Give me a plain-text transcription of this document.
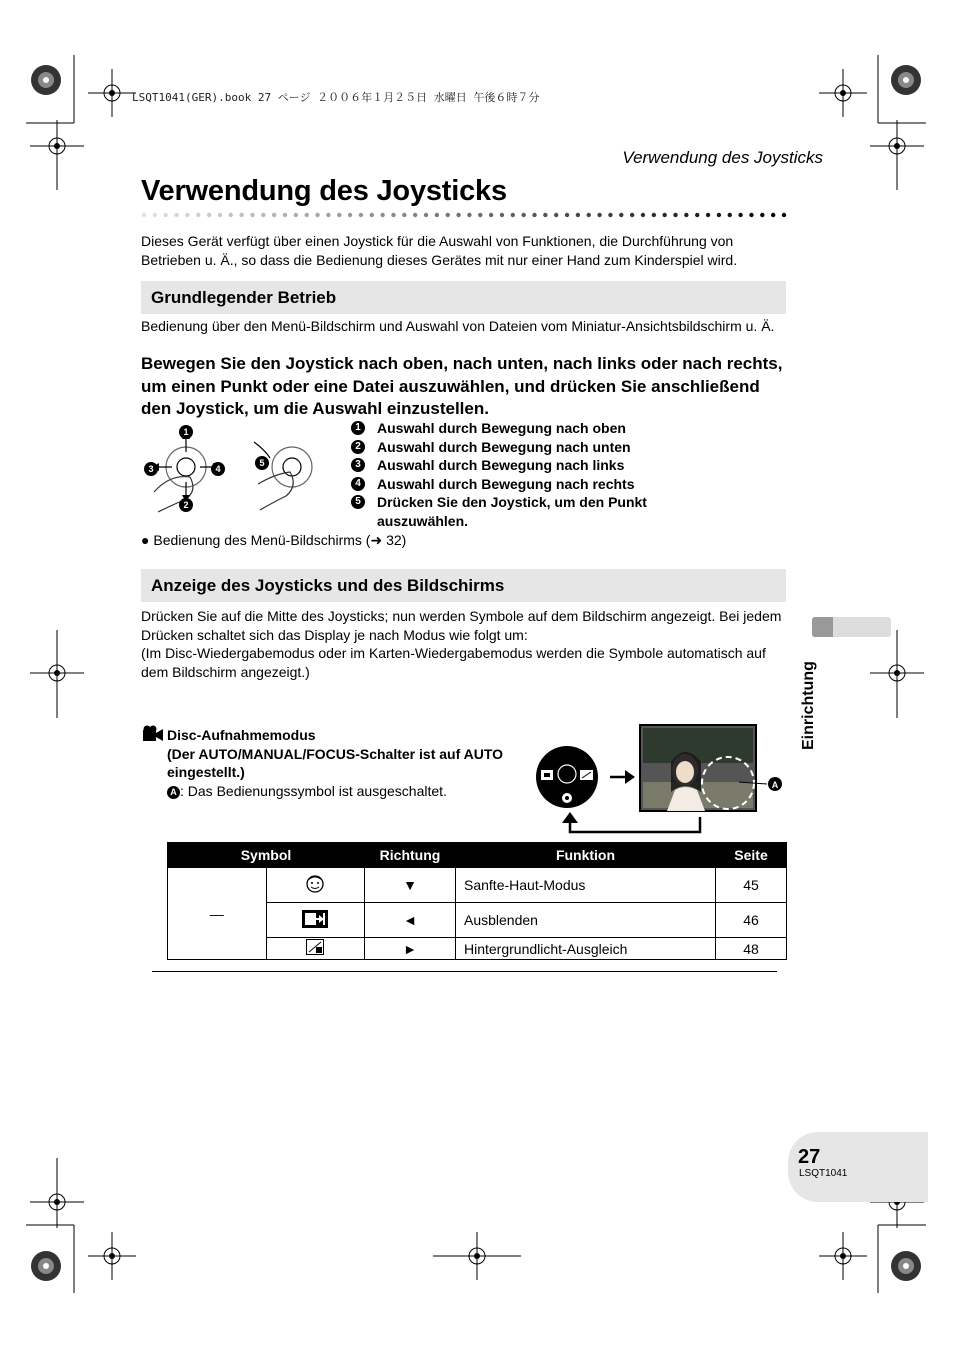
LSQT1041(GER).book 27 ページ ２００６年１月２５日 水曜日 午後６時７分
Verwendung des Joysticks
Verwendung des Joysticks
Dieses Gerät verfügt über einen Joystick für die Auswahl von Funktionen, die Durchführung von Betrieben u. Ä., so dass die Bedienung dieses Gerätes mit nur einer Hand zum Kinderspiel wird.
Grundlegender Betrieb
Bedienung über den Menü-Bildschirm und Auswahl von Dateien vom Miniatur-Ansichtsbildschirm u. Ä.
Bewegen Sie den Joystick nach oben, nach unten, nach links oder nach rechts, um einen Punkt oder eine Datei auszuwählen, und drücken Sie anschließend den Joystick, um die Auswahl einzustellen.
1
2
3	4
5
1	Auswahl durch Bewegung nach oben
2	Auswahl durch Bewegung nach unten
3	Auswahl durch Bewegung nach links
4	Auswahl durch Bewegung nach rechts
5	Drücken Sie den Joystick, um den Punkt auszuwählen.
● Bedienung des Menü-Bildschirms (➜ 32)
Anzeige des Joysticks und des Bildschirms
Drücken Sie auf die Mitte des Joysticks; nun werden Symbole auf dem Bildschirm angezeigt. Bei jedem Drücken schaltet sich das Display je nach Modus wie folgt um:
(Im Disc-Wiedergabemodus oder im Karten-Wiedergabemodus werden die Symbole automatisch auf dem Bildschirm angezeigt.)
Disc-Aufnahmemodus
(Der AUTO/MANUAL/FOCUS-Schalter ist auf AUTO eingestellt.)
A : Das Bedienungssymbol ist ausgeschaltet.	A
Symbol		Richtung	Funktion	Seite
—		▼	Sanfte-Haut-Modus	45
	◄	Ausblenden	46
	►	Hintergrundlicht-Ausgleich	48
Einrichtung
27
LSQT1041
